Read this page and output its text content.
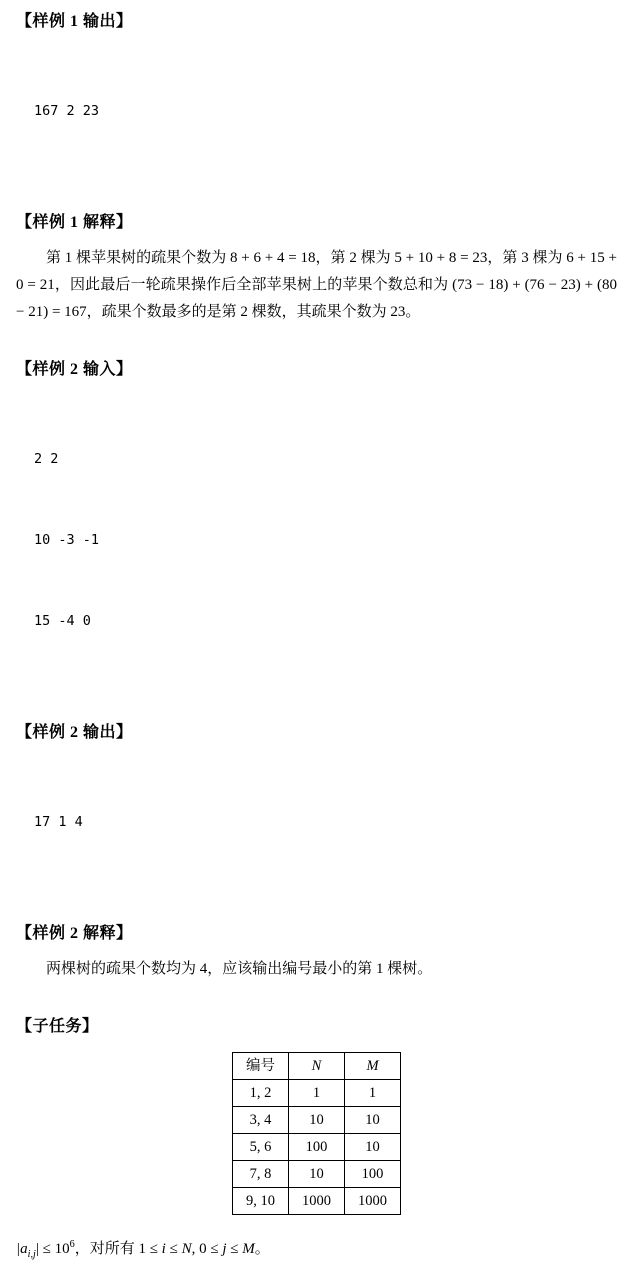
【样例 1 输出】

167 2 23

【样例 1 解释】

第 1 棵苹果树的疏果个数为 8 + 6 + 4 = 18，第 2 棵为 5 + 10 + 8 = 23，第 3 棵为 6 + 15 + 0 = 21，因此最后一轮疏果操作后全部苹果树上的苹果个数总和为 (73 − 18) + (76 − 23) + (80 − 21) = 167，疏果个数最多的是第 2 棵数，其疏果个数为 23。

【样例 2 输入】

2 2

10 -3 -1

15 -4 0

【样例 2 输出】

17 1 4

【样例 2 解释】

两棵树的疏果个数均为 4，应该输出编号最小的第 1 棵树。

【子任务】
编号	N	M
1, 2	1	1
3, 4	10	10
5, 6	100	10
7, 8	10	100
9, 10	1000	1000

$|a_{i,j}| \le 10^6$，对所有 1 ≤ i ≤ N, 0 ≤ j ≤ M。
